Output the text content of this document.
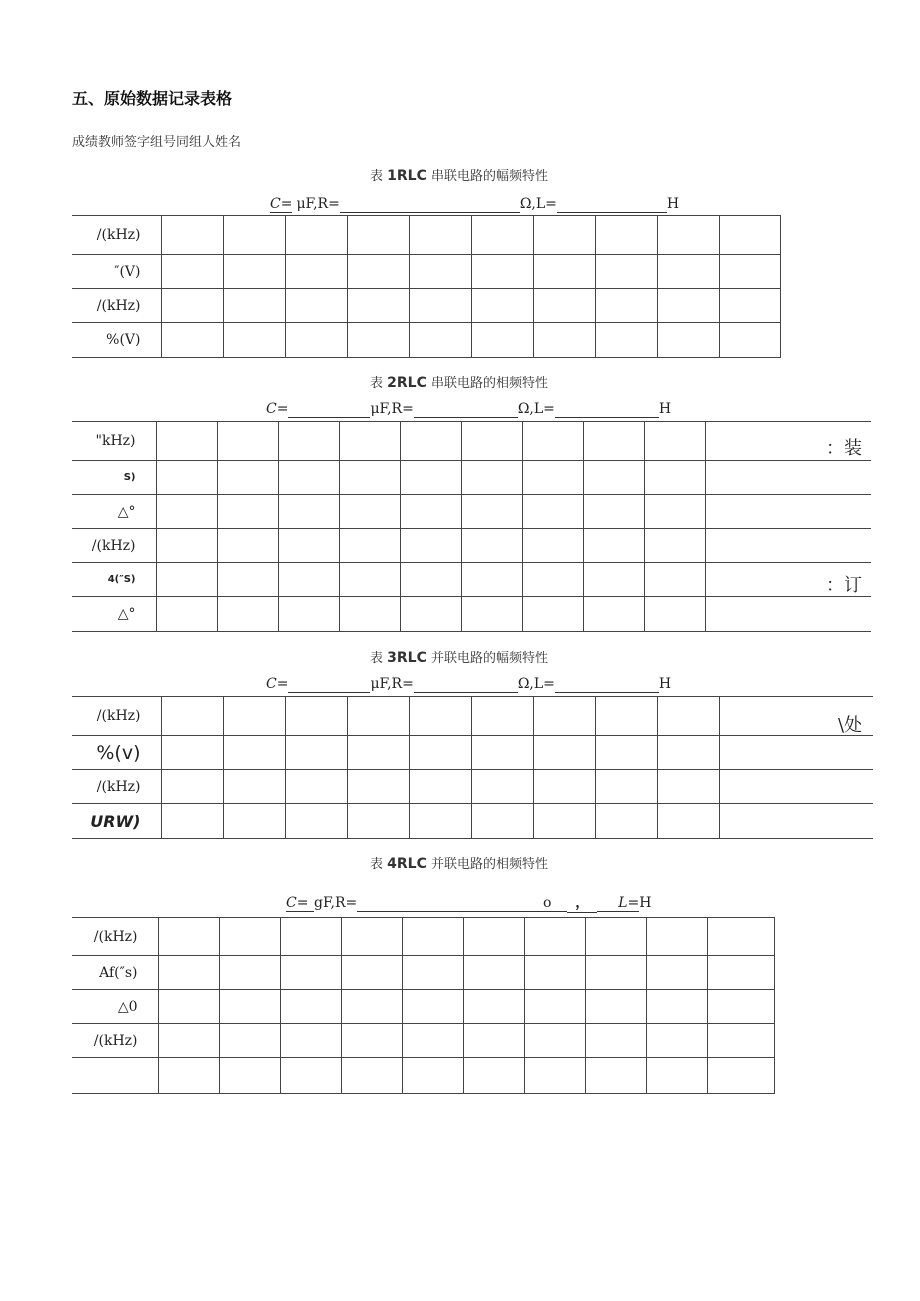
五、原始数据记录表格
成绩教师签字组号同组人姓名
表 1RLC 串联电路的幅频特性
C= μF,R=	Ω,L=	H
/(kHz)										
″(V)										
/(kHz)										
%(V)										
表 2RLC 串联电路的相频特性
C=	μF,R=	Ω,L=	H
"kHz)										
S)										
△°										
/(kHz)										
4(″S)										
△°										
表 3RLC 并联电路的幅频特性
C=	μF,R=	Ω,L=	H
/(kHz)										
%(v)										
/(kHz)										
URW)										
表 4RLC 并联电路的相频特性
C= gF,R=	o ， L=H
/(kHz)										
Af(″s)										
△0										
/(kHz)										

：装
：订
\处
